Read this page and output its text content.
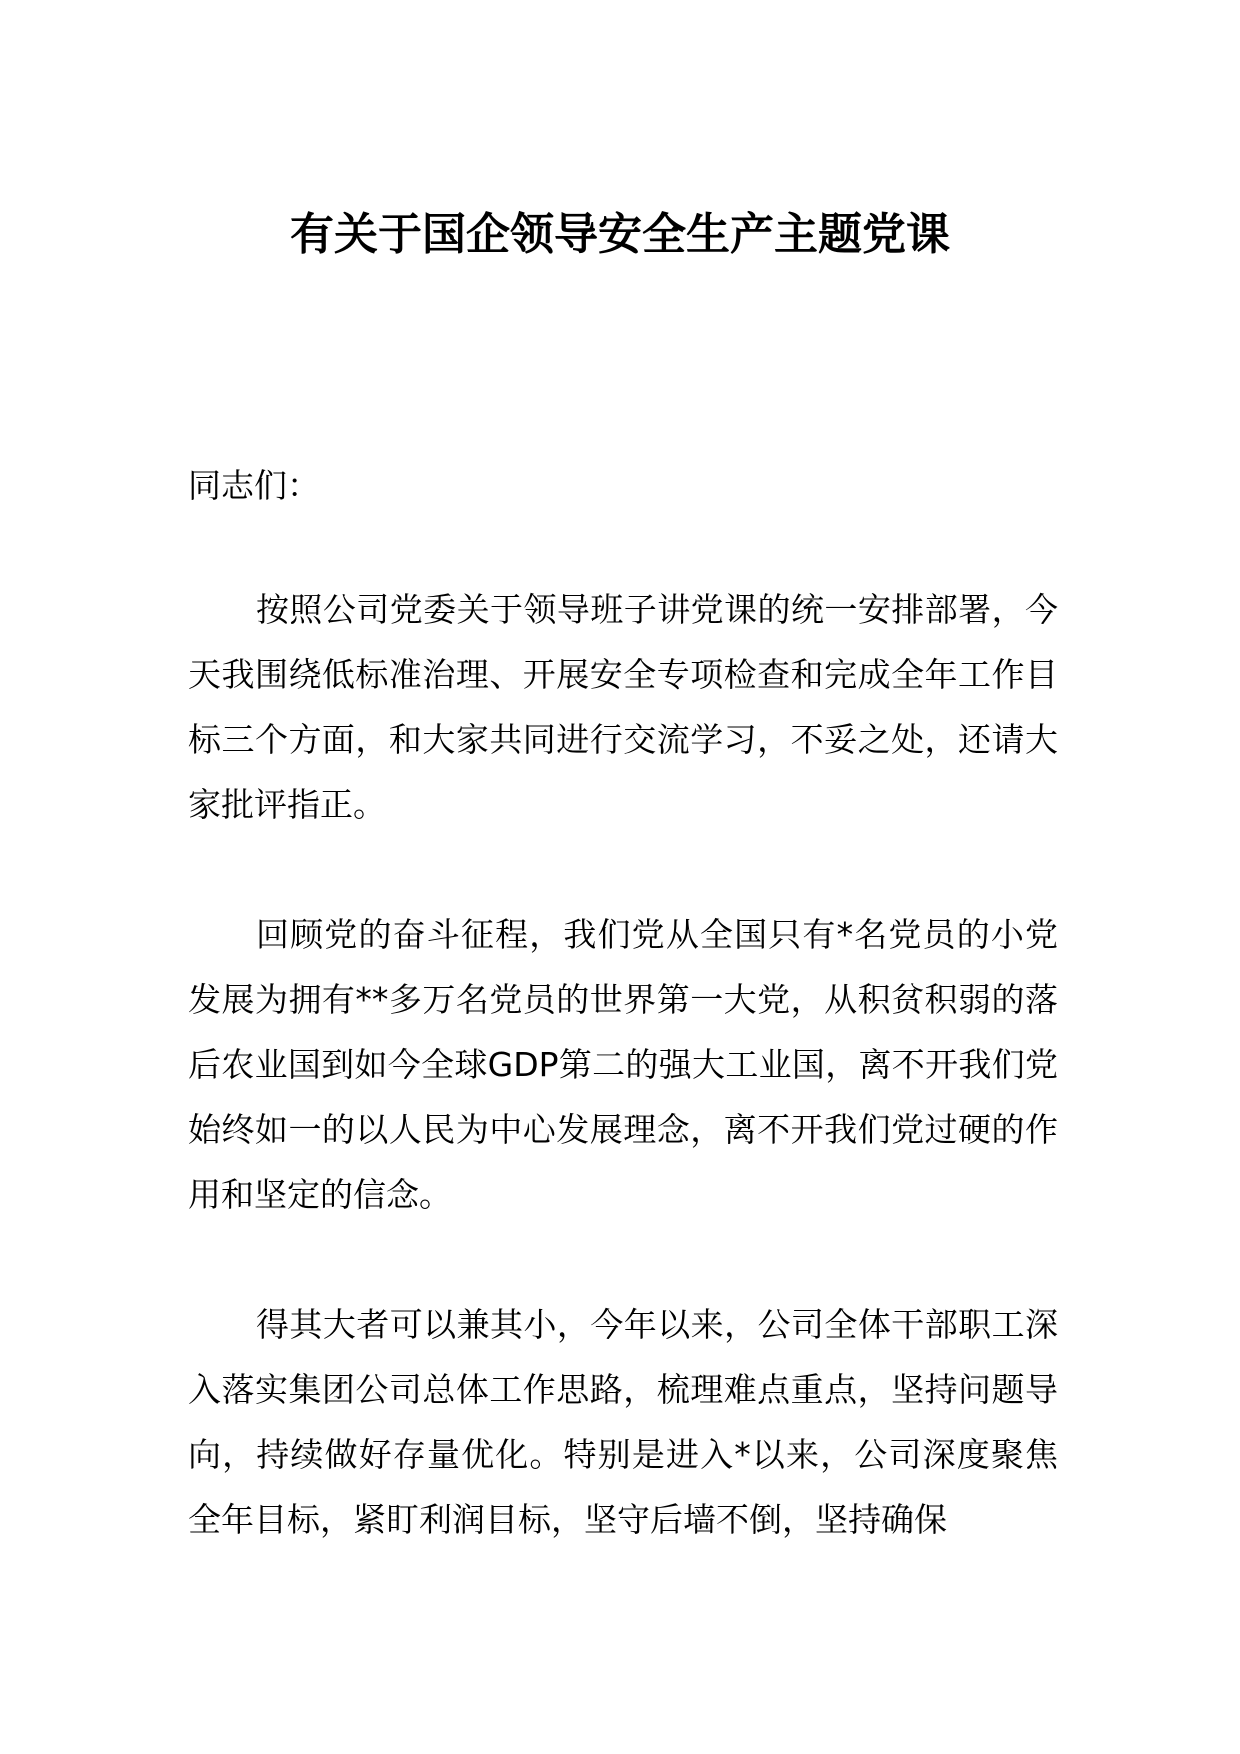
有关于国企领导安全生产主题党课
同志们：

按照公司党委关于领导班子讲党课的统一安排部署，今天我围绕低标准治理、开展安全专项检查和完成全年工作目标三个方面，和大家共同进行交流学习，不妥之处，还请大家批评指正。

回顾党的奋斗征程，我们党从全国只有*名党员的小党发展为拥有**多万名党员的世界第一大党，从积贫积弱的落后农业国到如今全球GDP第二的强大工业国，离不开我们党始终如一的以人民为中心发展理念，离不开我们党过硬的作用和坚定的信念。

得其大者可以兼其小，今年以来，公司全体干部职工深入落实集团公司总体工作思路，梳理难点重点，坚持问题导向，持续做好存量优化。特别是进入*以来，公司深度聚焦全年目标，紧盯利润目标，坚守后墙不倒，坚持确保
